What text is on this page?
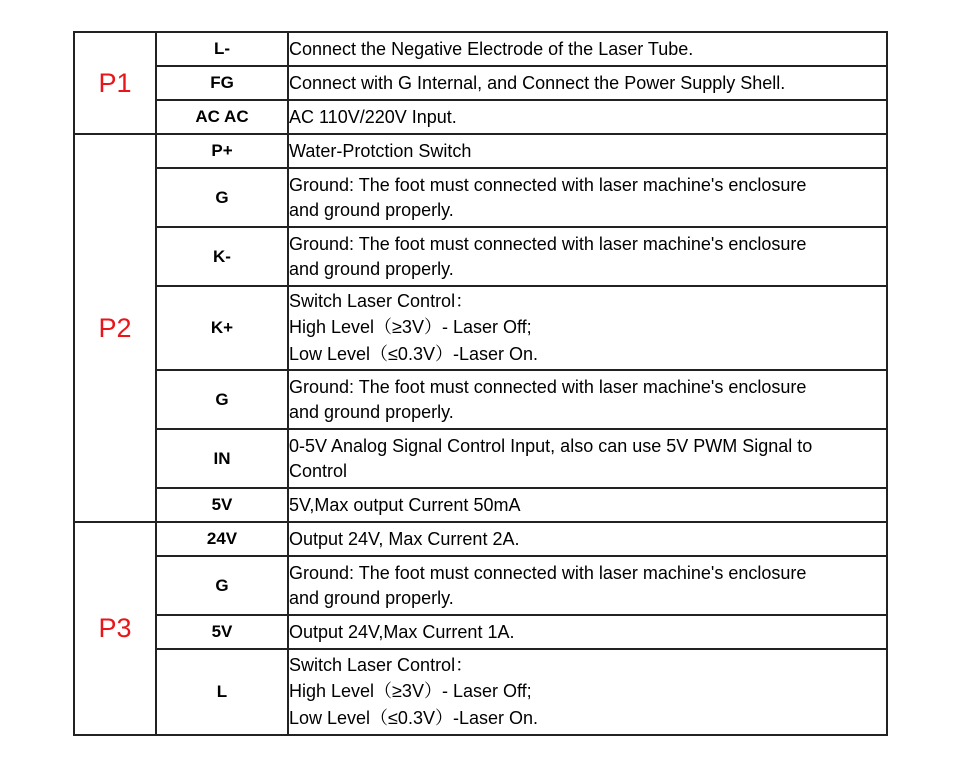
P1	L-	Connect the Negative Electrode of the Laser Tube.

	FG	Connect with G Internal, and Connect the Power Supply Shell.

	AC AC	AC 110V/220V Input.

P2	P+	Water-Protction Switch

	G	Ground: The foot must connected with laser machine's enclosure
and ground properly.

	K-	Ground: The foot must connected with laser machine's enclosure
and ground properly.

	K+	Switch Laser Control：
High Level（≥3V）- Laser Off;
Low Level（≤0.3V）-Laser On.

	G	Ground: The foot must connected with laser machine's enclosure
and ground properly.

	IN	0-5V Analog Signal Control Input, also can use 5V PWM Signal to
Control

	5V	5V,Max output Current 50mA

P3	24V	Output 24V, Max Current 2A.

	G	Ground: The foot must connected with laser machine's enclosure
and ground properly.

	5V	Output 24V,Max Current 1A.

	L	Switch Laser Control：
High Level（≥3V）- Laser Off;
Low Level（≤0.3V）-Laser On.
